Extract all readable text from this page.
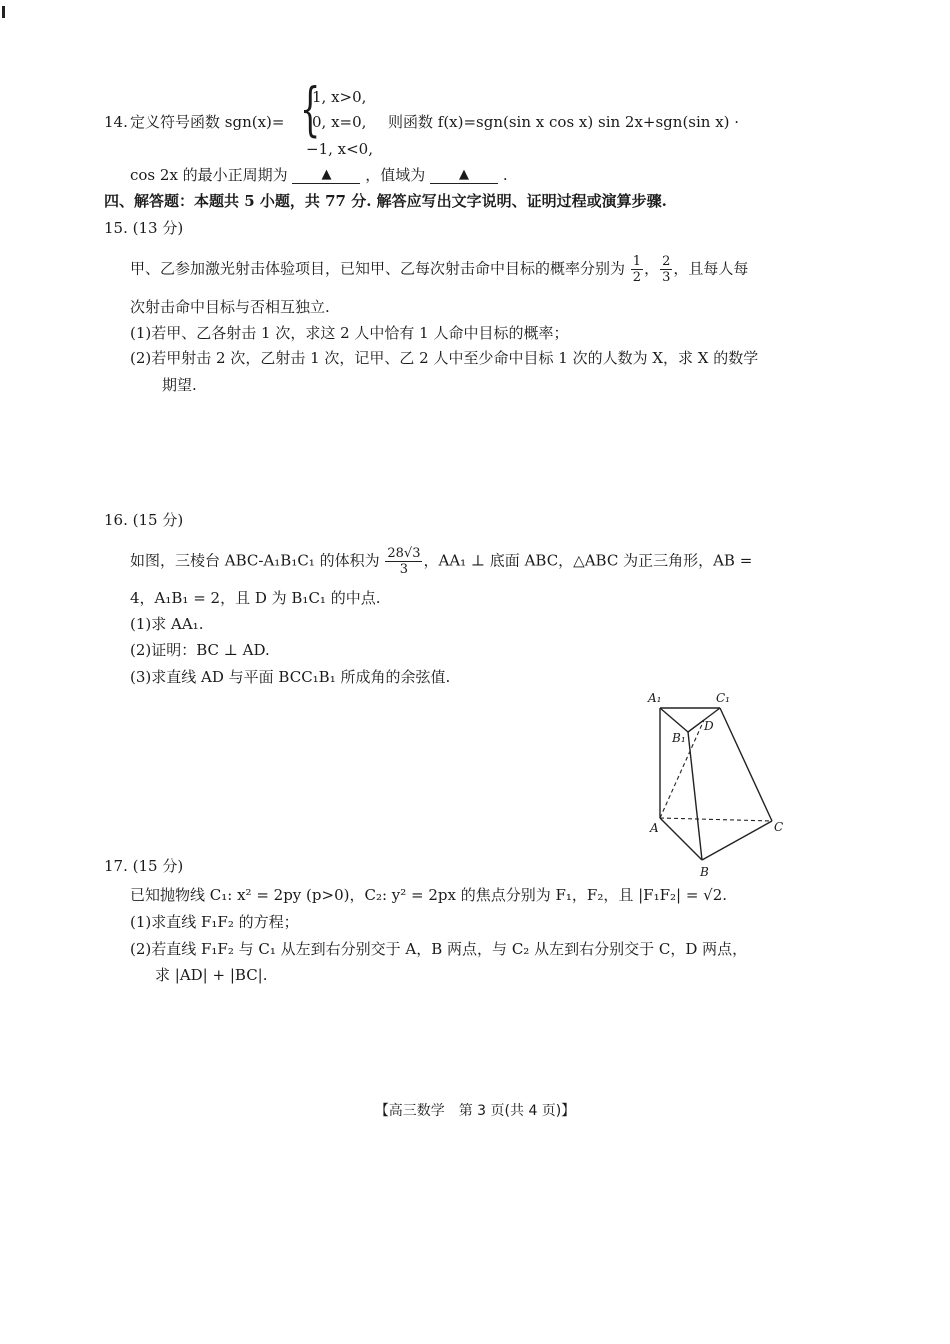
14. 定义符号函数 sgn(x)= {
1, x>0,
0, x=0,
−1, x<0,
则函数 f(x)=sgn(sin x cos x) sin 2x+sgn(sin x) ·
cos 2x 的最小正周期为	▲ ，值域为	▲ .
四、解答题：本题共 5 小题，共 77 分. 解答应写出文字说明、证明过程或演算步骤.
15. (13 分)
甲、乙参加激光射击体验项目，已知甲、乙每次射击命中目标的概率分别为 $\frac{1}{2}$ ， $\frac{2}{3}$ ，且每人每
次射击命中目标与否相互独立.
(1)若甲、乙各射击 1 次，求这 2 人中恰有 1 人命中目标的概率；
(2)若甲射击 2 次，乙射击 1 次，记甲、乙 2 人中至少命中目标 1 次的人数为 X，求 X 的数学
期望.
16. (15 分)
如图，三棱台 ABC-A₁B₁C₁ 的体积为 $\frac{28√3}{3}$ ，AA₁ ⊥ 底面 ABC，△ABC 为正三角形，AB =
4，A₁B₁ = 2，且 D 为 B₁C₁ 的中点.
(1)求 AA₁.
(2)证明：BC ⊥ AD.
(3)求直线 AD 与平面 BCC₁B₁ 所成角的余弦值.
A₁	C₁
D
B₁
A	C
B
17. (15 分)
已知抛物线 C₁: x² = 2py (p>0)，C₂: y² = 2px 的焦点分别为 F₁，F₂，且 |F₁F₂| = √2.
(1)求直线 F₁F₂ 的方程；
(2)若直线 F₁F₂ 与 C₁ 从左到右分别交于 A，B 两点，与 C₂ 从左到右分别交于 C，D 两点，
求 |AD| + |BC|.
【高三数学　第 3 页(共 4 页)】
